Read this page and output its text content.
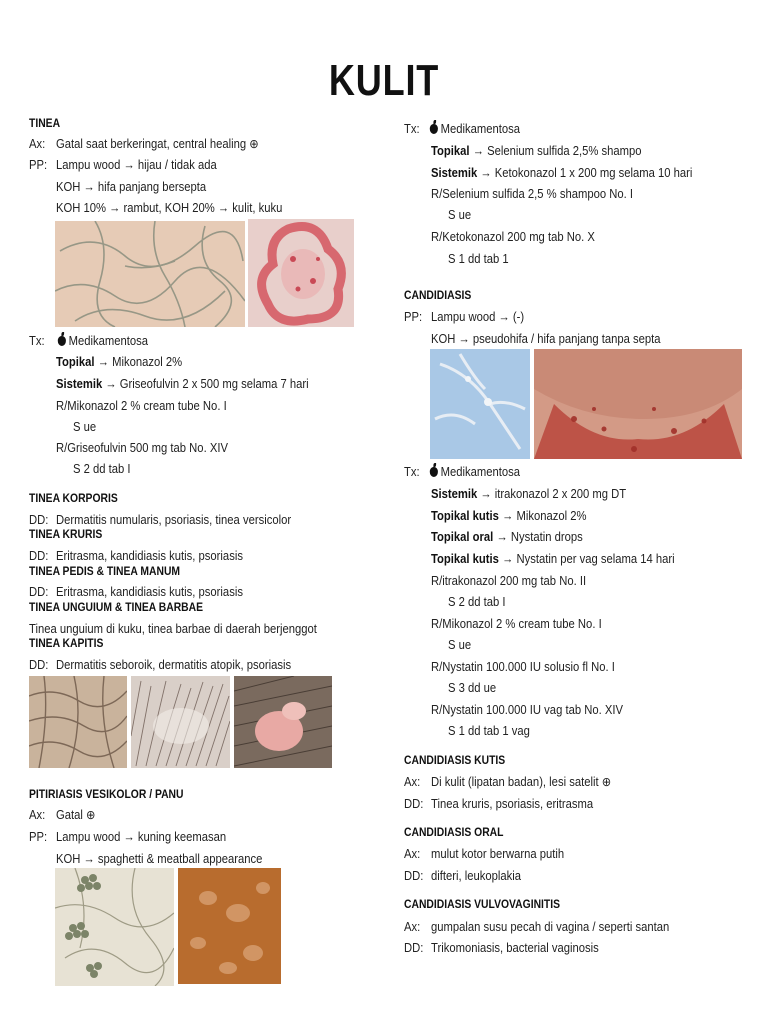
KULIT
TINEA
Ax: Gatal saat berkeringat, central healing ⊕
PP: Lampu wood → hijau / tidak ada
KOH → hifa panjang bersepta
KOH 10% → rambut, KOH 20% → kulit, kuku
Tx:	Medikamentosa
Topikal → Mikonazol 2%
Sistemik → Griseofulvin 2 x 500 mg selama 7 hari
R/Mikonazol 2 % cream tube No. I
S ue
R/Griseofulvin 500 mg tab No. XIV
S 2 dd tab I
TINEA KORPORIS
DD: Dermatitis numularis, psoriasis, tinea versicolor
TINEA KRURIS
DD: Eritrasma, kandidiasis kutis, psoriasis
TINEA PEDIS & TINEA MANUM
DD: Eritrasma, kandidiasis kutis, psoriasis
TINEA UNGUIUM & TINEA BARBAE
Tinea unguium di kuku, tinea barbae di daerah berjenggot
TINEA KAPITIS
DD: Dermatitis seboroik, dermatitis atopik, psoriasis
PITIRIASIS VESIKOLOR / PANU
Ax: Gatal ⊕
PP: Lampu wood → kuning keemasan
KOH → spaghetti & meatball appearance
Tx:	Medikamentosa
Topikal → Selenium sulfida 2,5% shampo
Sistemik → Ketokonazol 1 x 200 mg selama 10 hari
R/Selenium sulfida 2,5 % shampoo No. I
S ue
R/Ketokonazol 200 mg tab No. X
S 1 dd tab 1
CANDIDIASIS
PP: Lampu wood → (-)
KOH → pseudohifa / hifa panjang tanpa septa
Tx:	Medikamentosa
Sistemik → itrakonazol 2 x 200 mg DT
Topikal kutis → Mikonazol 2%
Topikal oral → Nystatin drops
Topikal kutis → Nystatin per vag selama 14 hari
R/itrakonazol 200 mg tab No. II
S 2 dd tab I
R/Mikonazol 2 % cream tube No. I
S ue
R/Nystatin 100.000 IU solusio fl No. I
S 3 dd ue
R/Nystatin 100.000 IU vag tab No. XIV
S 1 dd tab 1 vag
CANDIDIASIS KUTIS
Ax: Di kulit (lipatan badan), lesi satelit ⊕
DD: Tinea kruris, psoriasis, eritrasma
CANDIDIASIS ORAL
Ax: mulut kotor berwarna putih
DD: difteri, leukoplakia
CANDIDIASIS VULVOVAGINITIS
Ax: gumpalan susu pecah di vagina / seperti santan
DD: Trikomoniasis, bacterial vaginosis
